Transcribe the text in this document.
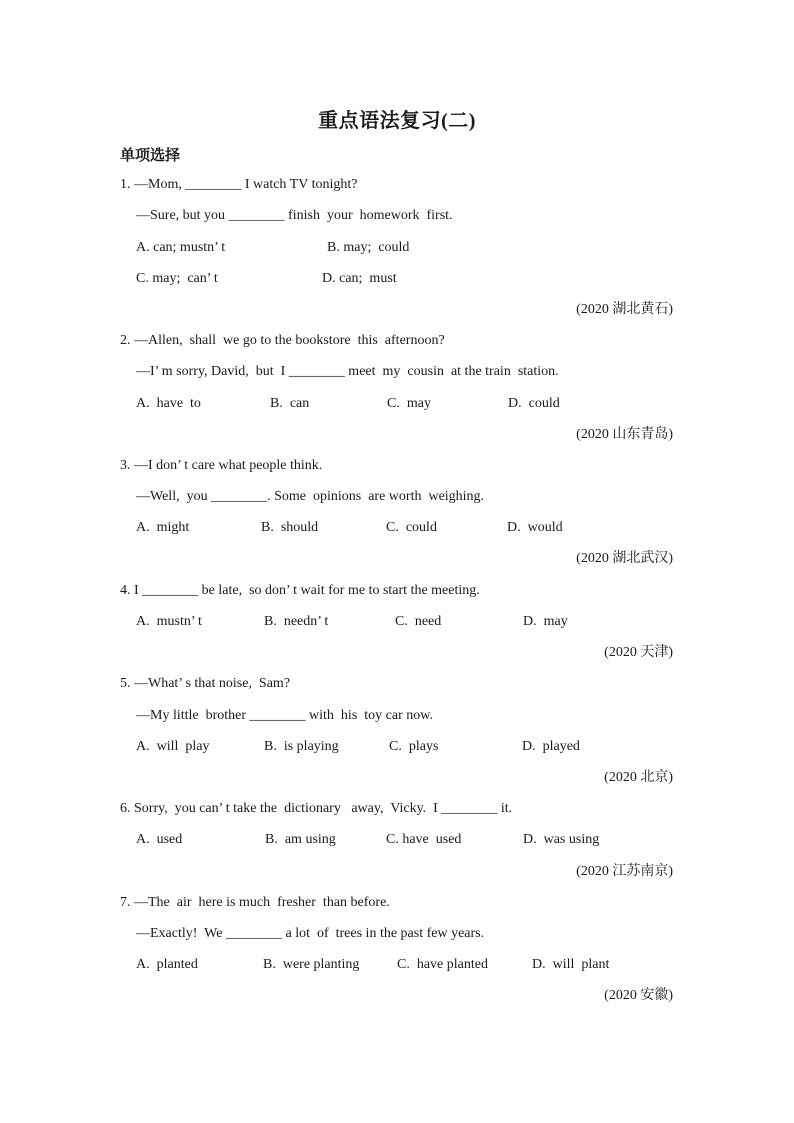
重点语法复习(二)
单项选择
1. —Mom, ________ I watch TV tonight?
—Sure, but you ________ finish  your  homework  first.
A. can; mustn’ t	B. may;  could
C. may;  can’ t	D. can;  must
(2020 湖北黄石)
2. —Allen,  shall  we go to the bookstore  this  afternoon?
—I’ m sorry, David,  but  I ________ meet  my  cousin  at the train  station.
A.  have  to	B.  can	C.  may	D.  could
(2020 山东青岛)
3. —I don’ t care what people think.
—Well,  you ________. Some  opinions  are worth  weighing.
A.  might	B.  should	C.  could	D.  would
(2020 湖北武汉)
4. I ________ be late,  so don’ t wait for me to start the meeting.
A.  mustn’ t	B.  needn’ t	C.  need	D.  may
(2020 天津)
5. —What’ s that noise,  Sam?
—My little  brother ________ with  his  toy car now.
A.  will  play	B.  is playing	C.  plays	D.  played
(2020 北京)
6. Sorry,  you can’ t take the  dictionary   away,  Vicky.  I ________ it.
A.  used	B.  am using	C. have  used	D.  was using
(2020 江苏南京)
7. —The  air  here is much  fresher  than before.
—Exactly!  We ________ a lot  of  trees in the past few years.
A.  planted	B.  were planting	C.  have planted	D.  will  plant
(2020 安徽)
